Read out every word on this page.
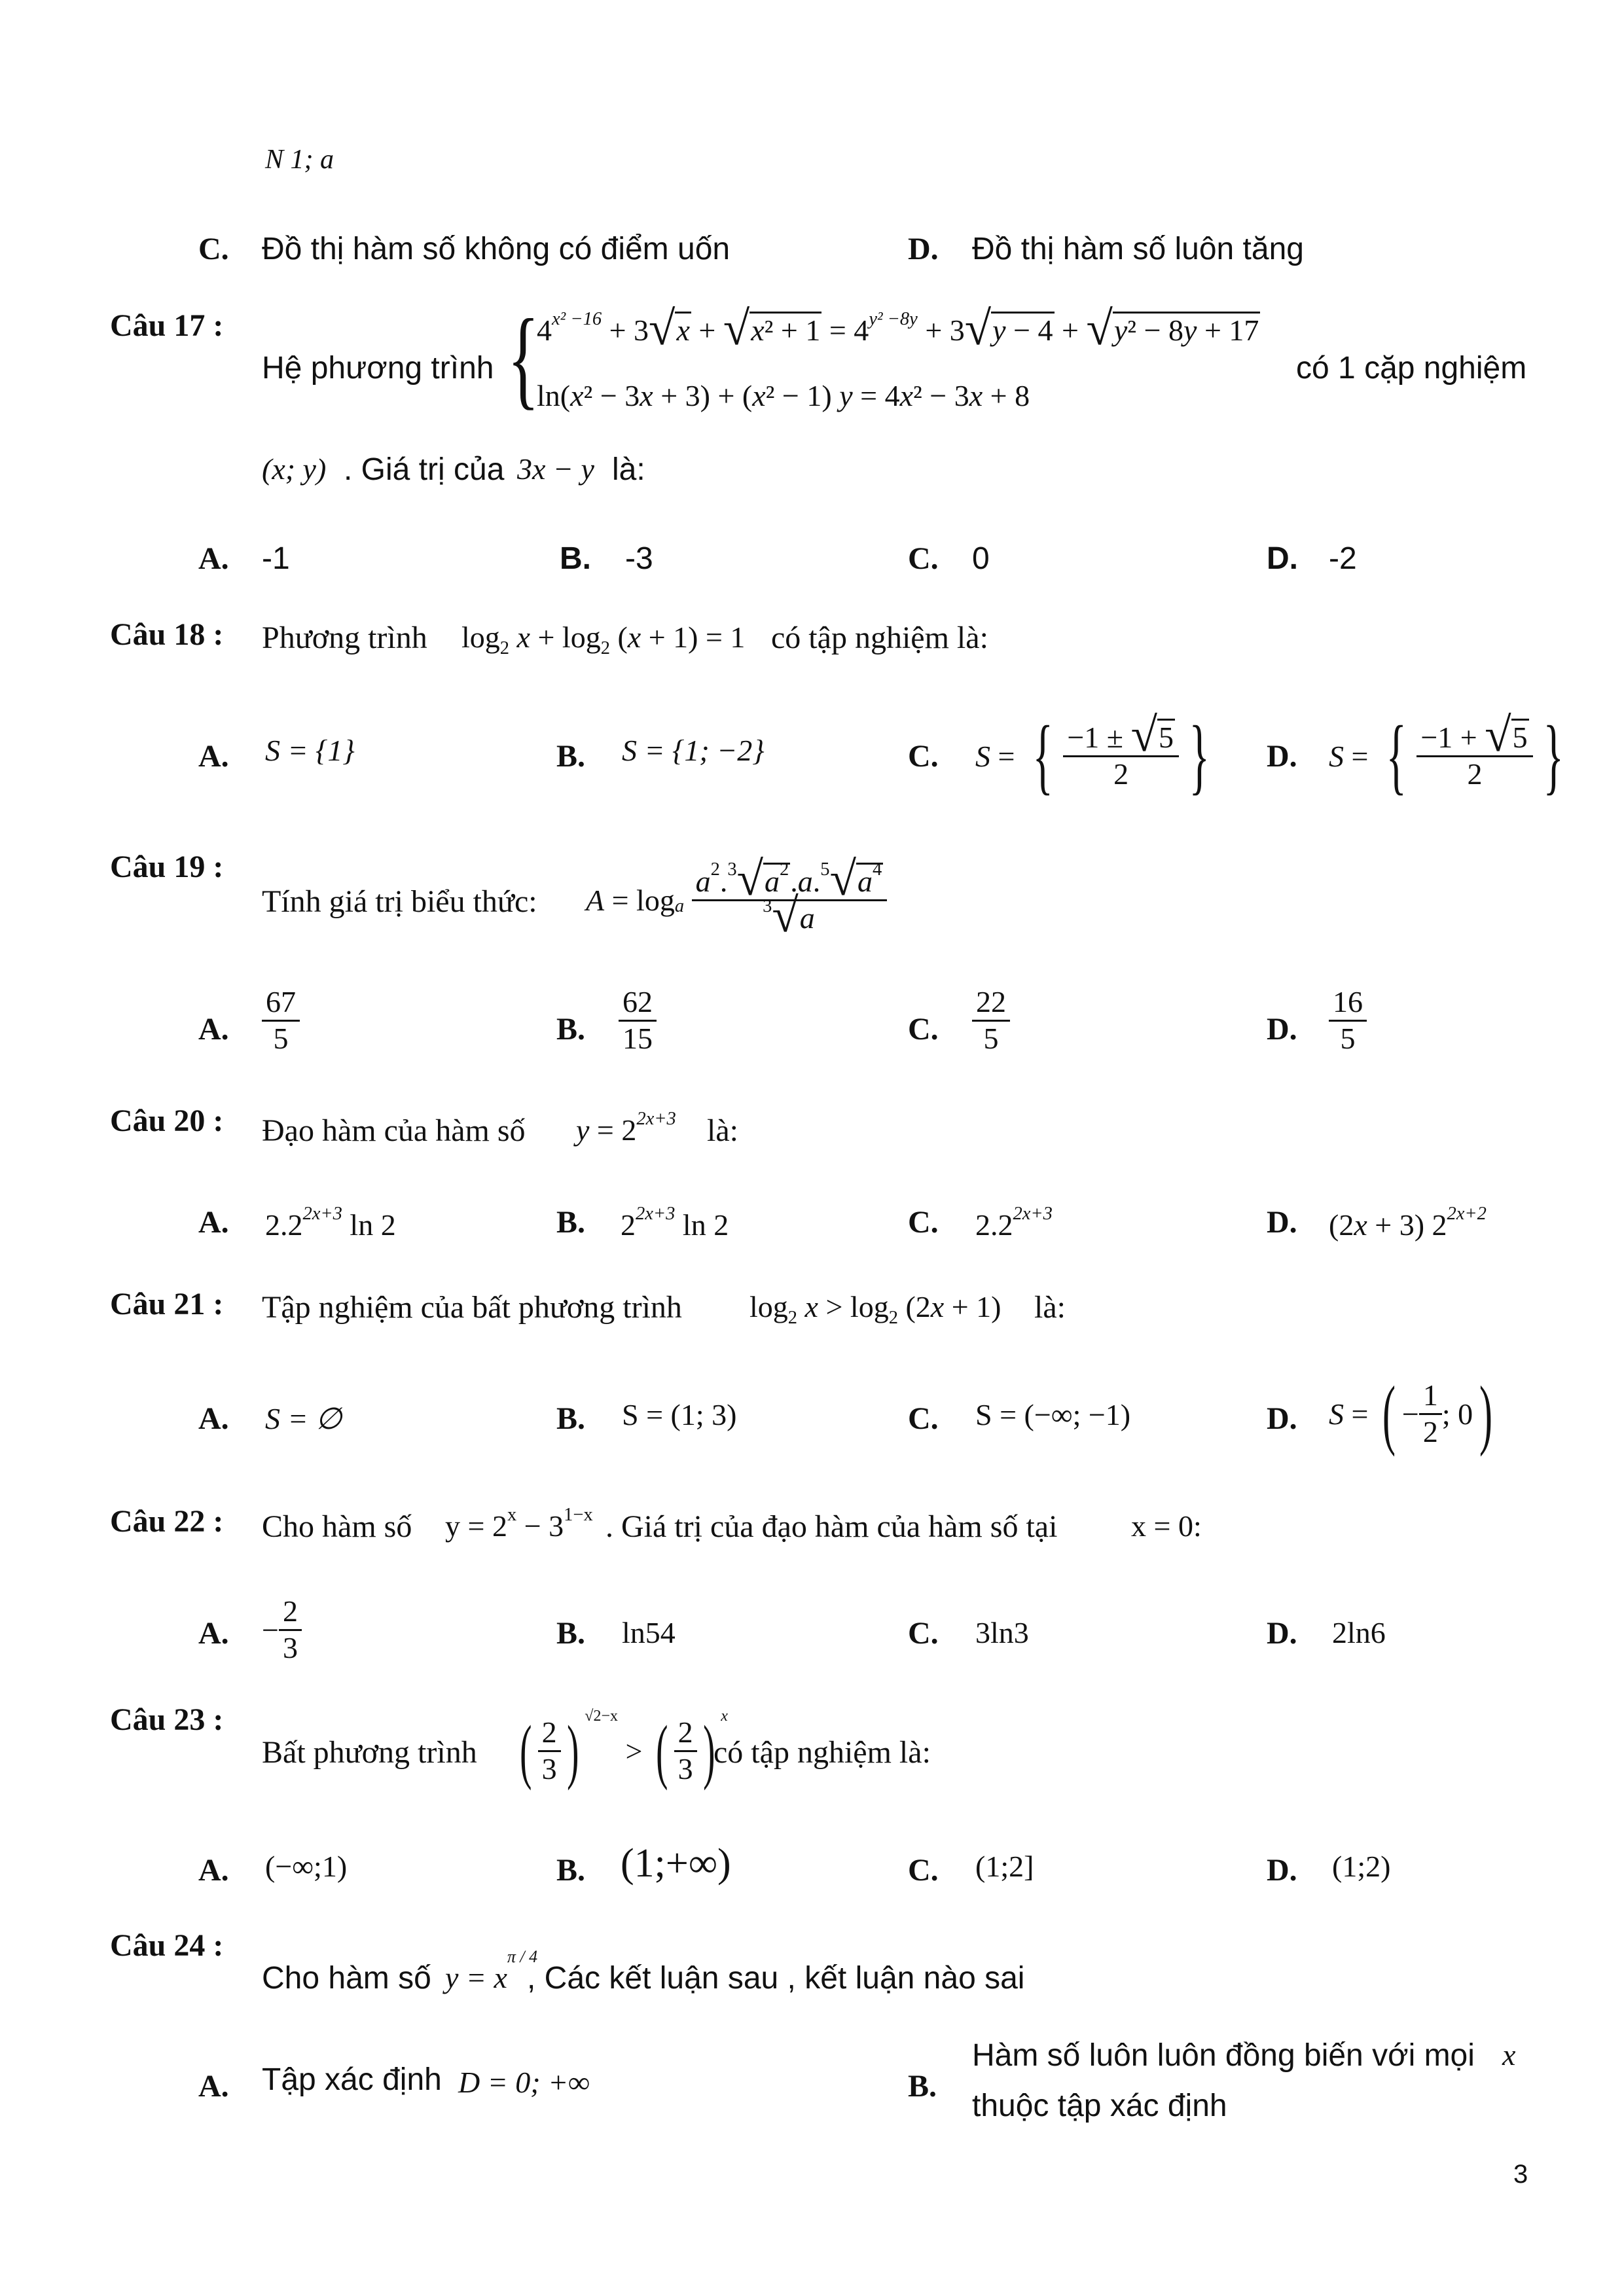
N 1; a
C. Đồ thị hàm số không có điểm uốn	D. Đồ thị hàm số luôn tăng
Câu 17 :
Hệ phương trình {
$4^{x^2 -16} + 3√x + √x^2 + 1 = 4^{y^2 -8y} + 3√y - 4 + √y^2 - 8y + 17$
ln(x² − 3x + 3) + (x² − 1) y = 4x² − 3x + 8
có 1 cặp nghiệm
(x; y) . Giá trị của 3x − y là:
A. -1	B. -3	C. 0	D. -2
Câu 18 : Phương trình $\log_2 x + \log_2 (x + 1) = 1$ có tập nghiệm là:
A. S = {1}	B. S = {1; −2}	C. S = { $\frac{-1 \pm √5}{2}$ } D. S = { $\frac{-1 + √5}{2}$ }
Câu 19 :
Tính giá trị biểu thức: $A = \log_a$
$\frac{a^2.^3√a^2.a.^5√a^4}{^3√a}$
A. $\frac{67}{5}$	B. $\frac{62}{15}$	C. $\frac{22}{5}$	D. $\frac{16}{5}$
Câu 20 : Đạo hàm của hàm số $y = 2^{2x+3}$ là:
A. $2.2^{2x+3}$ ln 2	B. $2^{2x+3}$ ln 2	C. $2.2^{2x+3}$	D. (2x + 3) $2^{2x+2}$
Câu 21 : Tập nghiệm của bất phương trình $\log_2 x > \log_2 (2x + 1)$ là:
A. S = ∅	B. S = (1; 3)	C. S = (−∞; −1)	D. S = ( − $\frac{1}{2}$ ; 0 )
Câu 22 : Cho hàm số $y = 2^x - 3^{1-x}$ . Giá trị của đạo hàm của hàm số tại x = 0:
A. − $\frac{2}{3}$	B. ln54	C. 3ln3	D. 2ln6
Câu 23 :
Bất phương trình ( $\frac{2}{3}$ ) $^{√2-x}$
> ( $\frac{2}{3}$ ) $^x$
có tập nghiệm là:
A. (−∞;1)	B. (1;+∞)	C. (1;2]	D. (1;2)
Câu 24 :
Cho hàm số $y = x^{\pi / 4}$
, Các kết luận sau , kết luận nào sai
A. Tập xác định D = 0; +∞	B.
Hàm số luôn luôn đồng biến với mọi x
thuộc tập xác định
3
